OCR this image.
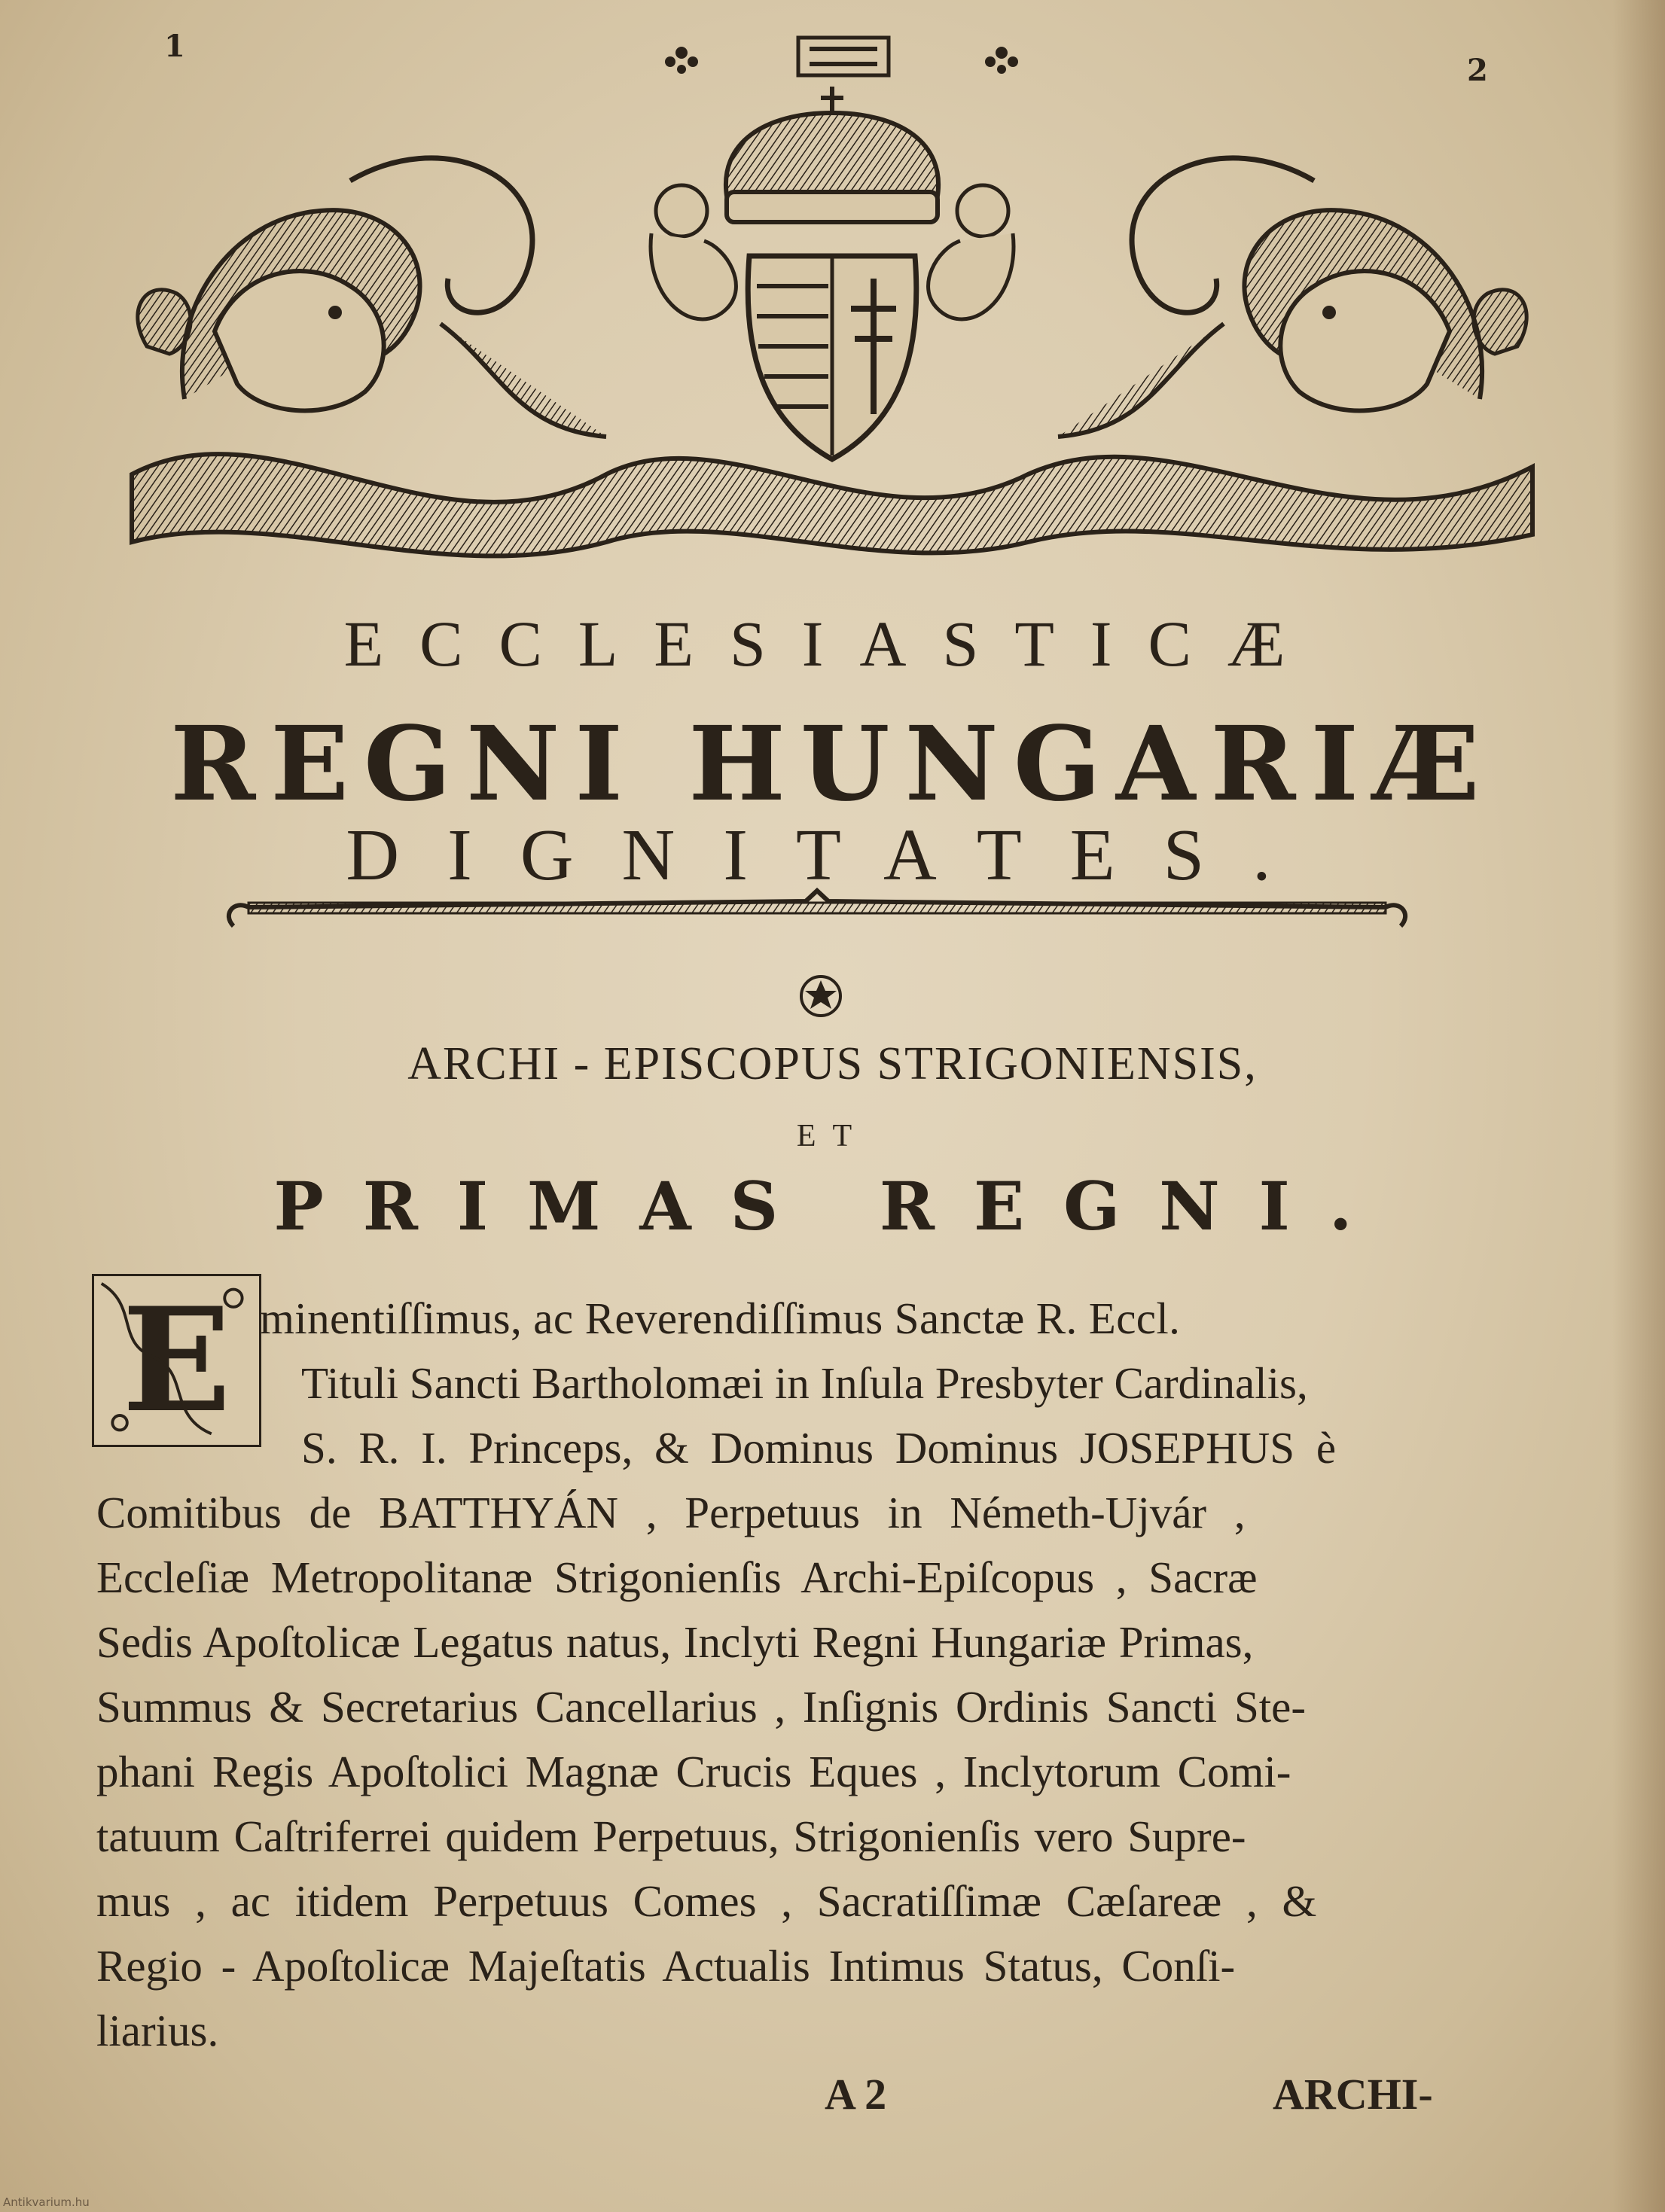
1
2
ECCLESIASTICÆ
REGNI HUNGARIÆ
DIGNITATES.
ARCHI - EPISCOPUS STRIGONIENSIS,
ET
PRIMAS REGNI.
E minentiſſimus, ac Reverendiſſimus Sanctæ R. Eccl.
Tituli Sancti Bartholomæi in Inſula Presbyter Cardinalis,
S. R. I. Princeps, & Dominus Dominus JOSEPHUS è
Comitibus de BATTHYÁN , Perpetuus in Németh-Ujvár ,
Eccleſiæ Metropolitanæ Strigonienſis Archi-Epiſcopus , Sacræ
Sedis Apoſtolicæ Legatus natus, Inclyti Regni Hungariæ Primas,
Summus & Secretarius Cancellarius , Inſignis Ordinis Sancti Ste-
phani Regis Apoſtolici Magnæ Crucis Eques , Inclytorum Comi-
tatuum Caſtriferrei quidem Perpetuus, Strigonienſis vero Supre-
mus , ac itidem Perpetuus Comes , Sacratiſſimæ Cæſareæ , &
Regio - Apoſtolicæ Majeſtatis Actualis Intimus Status, Conſi-
liarius.
A 2	ARCHI-
Antikvarium.hu
